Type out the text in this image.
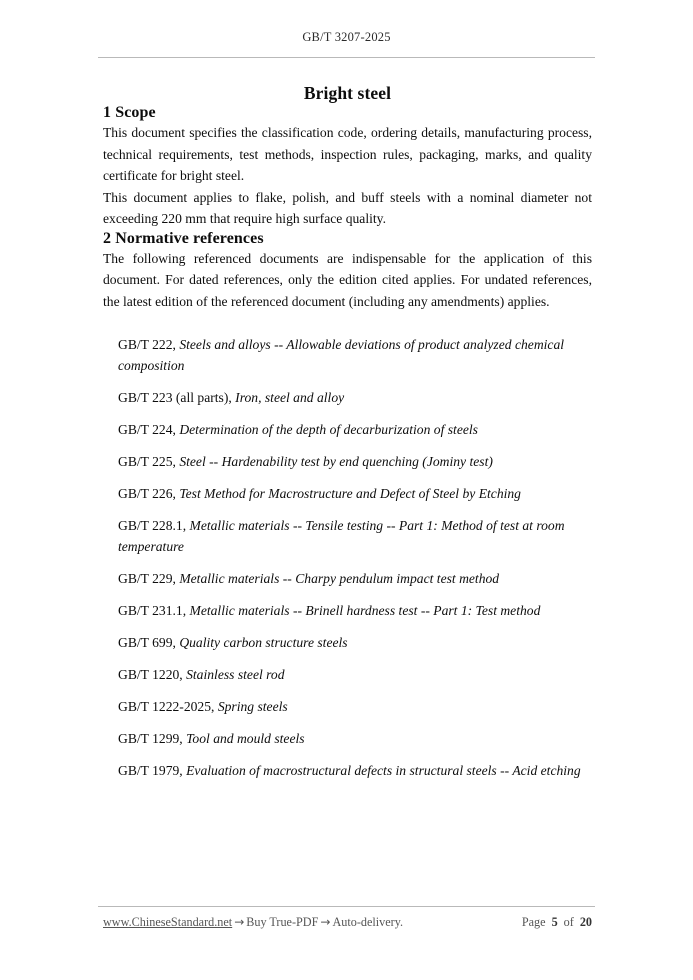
GB/T 3207-2025
Bright steel
1 Scope

This document specifies the classification code, ordering details, manufacturing process, technical requirements, test methods, inspection rules, packaging, marks, and quality certificate for bright steel.

This document applies to flake, polish, and buff steels with a nominal diameter not exceeding 220 mm that require high surface quality.

2 Normative references

The following referenced documents are indispensable for the application of this document. For dated references, only the edition cited applies. For undated references, the latest edition of the referenced document (including any amendments) applies.

GB/T 222, Steels and alloys -- Allowable deviations of product analyzed chemical composition
GB/T 223 (all parts), Iron, steel and alloy
GB/T 224, Determination of the depth of decarburization of steels
GB/T 225, Steel -- Hardenability test by end quenching (Jominy test)
GB/T 226, Test Method for Macrostructure and Defect of Steel by Etching
GB/T 228.1, Metallic materials -- Tensile testing -- Part 1: Method of test at room temperature
GB/T 229, Metallic materials -- Charpy pendulum impact test method
GB/T 231.1, Metallic materials -- Brinell hardness test -- Part 1: Test method
GB/T 699, Quality carbon structure steels
GB/T 1220, Stainless steel rod
GB/T 1222-2025, Spring steels
GB/T 1299, Tool and mould steels
GB/T 1979, Evaluation of macrostructural defects in structural steels -- Acid etching
www.ChineseStandard.net → Buy True-PDF → Auto-delivery.	Page 5 of 20
